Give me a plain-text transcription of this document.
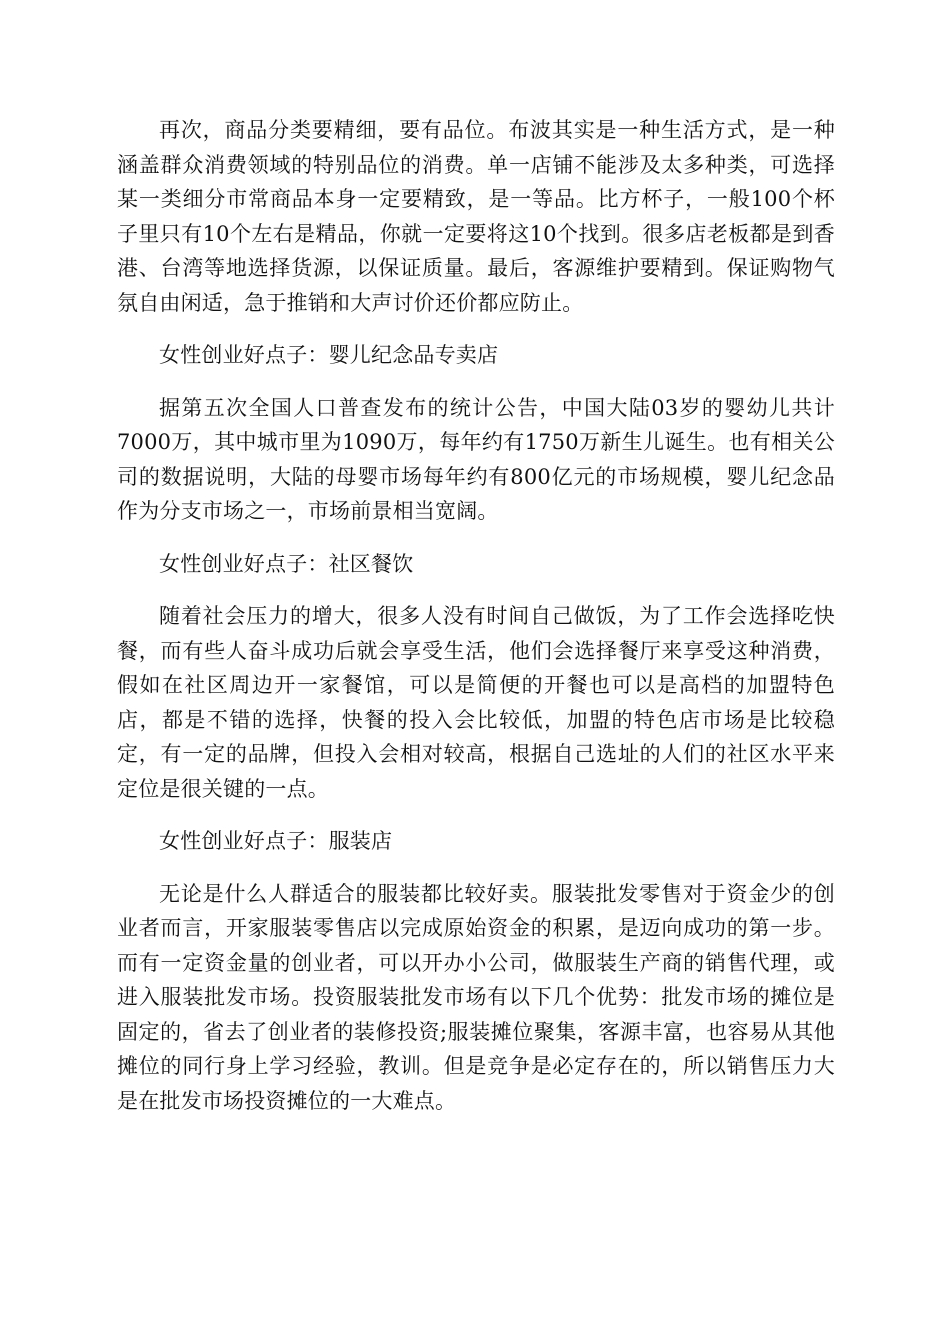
再次，商品分类要精细，要有品位。布波其实是一种生活方式，是一种涵盖群众消费领域的特别品位的消费。单一店铺不能涉及太多种类，可选择某一类细分市常商品本身一定要精致，是一等品。比方杯子，一般100个杯子里只有10个左右是精品，你就一定要将这10个找到。很多店老板都是到香港、台湾等地选择货源，以保证质量。最后，客源维护要精到。保证购物气氛自由闲适，急于推销和大声讨价还价都应防止。

女性创业好点子：婴儿纪念品专卖店

据第五次全国人口普查发布的统计公告，中国大陆03岁的婴幼儿共计7000万，其中城市里为1090万，每年约有1750万新生儿诞生。也有相关公司的数据说明，大陆的母婴市场每年约有800亿元的市场规模，婴儿纪念品作为分支市场之一，市场前景相当宽阔。

女性创业好点子：社区餐饮

随着社会压力的增大，很多人没有时间自己做饭，为了工作会选择吃快餐，而有些人奋斗成功后就会享受生活，他们会选择餐厅来享受这种消费，假如在社区周边开一家餐馆，可以是简便的开餐也可以是高档的加盟特色店，都是不错的选择，快餐的投入会比较低，加盟的特色店市场是比较稳定，有一定的品牌，但投入会相对较高，根据自己选址的人们的社区水平来定位是很关键的一点。

女性创业好点子：服装店

无论是什么人群适合的服装都比较好卖。服装批发零售对于资金少的创业者而言，开家服装零售店以完成原始资金的积累，是迈向成功的第一步。而有一定资金量的创业者，可以开办小公司，做服装生产商的销售代理，或进入服装批发市场。投资服装批发市场有以下几个优势：批发市场的摊位是固定的，省去了创业者的装修投资;服装摊位聚集，客源丰富，也容易从其他摊位的同行身上学习经验，教训。但是竞争是必定存在的，所以销售压力大是在批发市场投资摊位的一大难点。
